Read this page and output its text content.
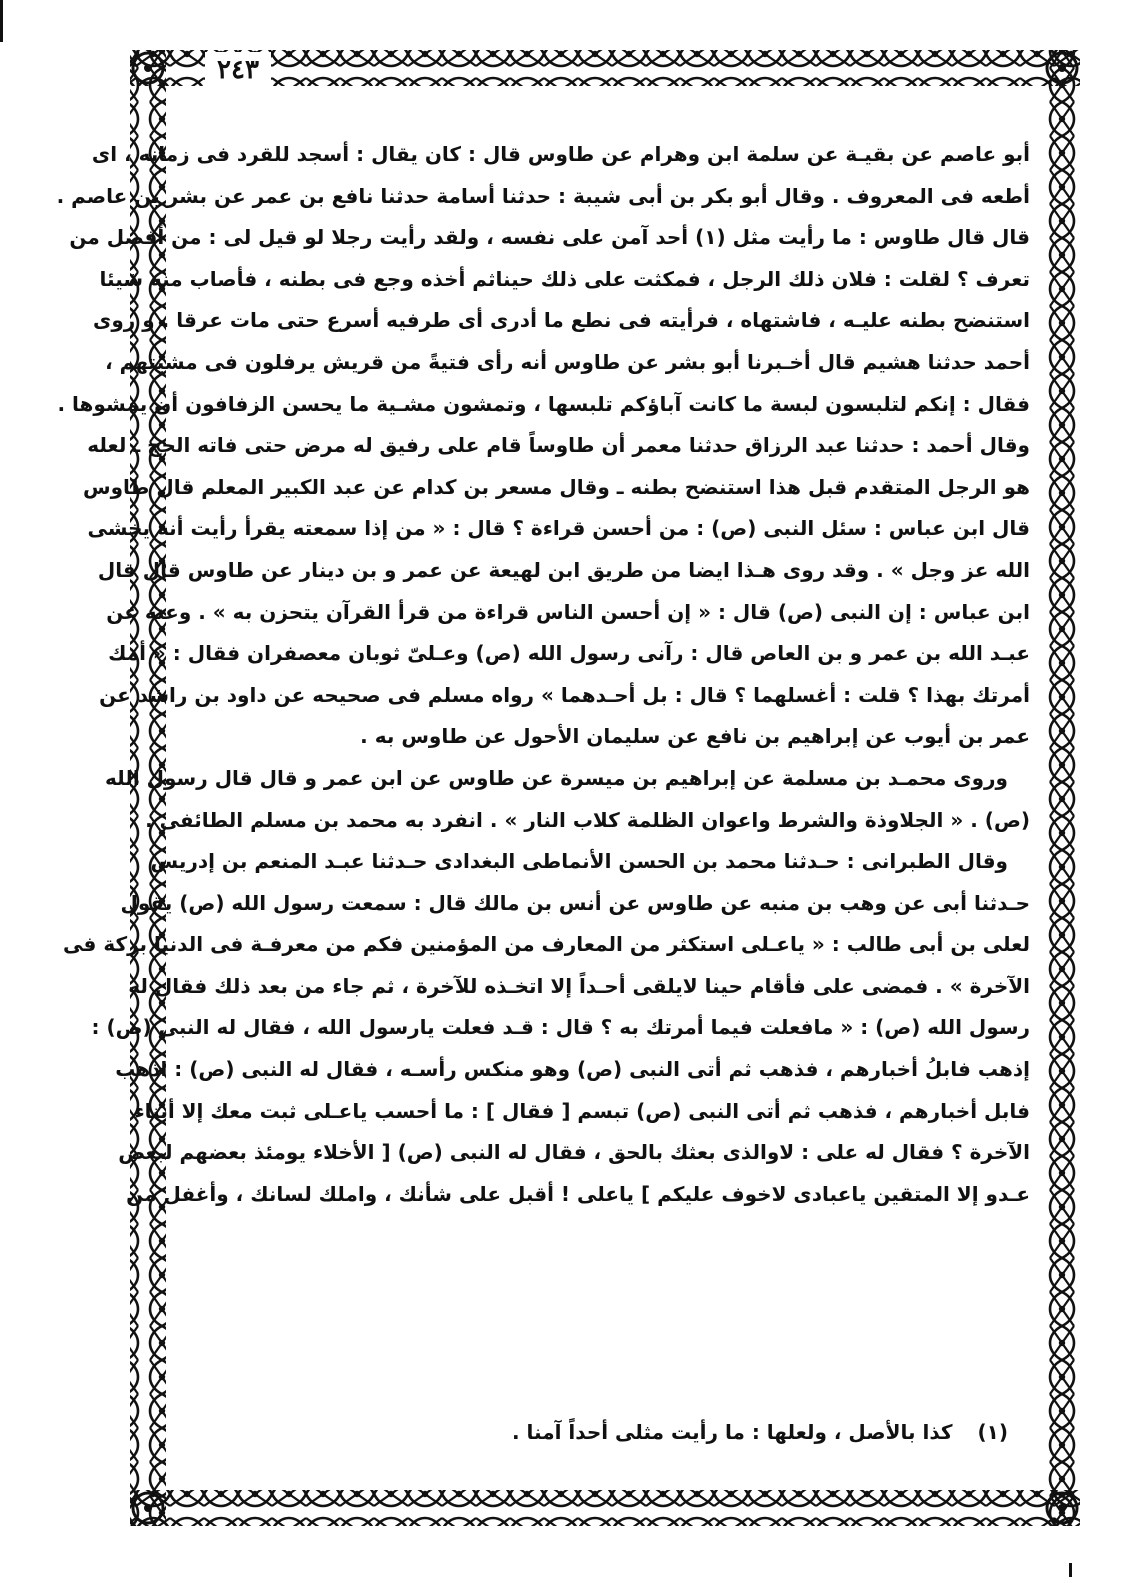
٢٤٣
أبو عاصم عن بقيـة عن سلمة ابن وهرام عن طاوس قال : كان يقال : أسجد للقرد فى زمانه ، اى
أطعه فى المعروف . وقال أبو بكر بن أبى شيبة : حدثنا أسامة حدثنا نافع بن عمر عن بشر بن عاصم .
قال قال طاوس : ما رأيت مثل (١) أحد آمن على نفسه ، ولقد رأيت رجلا لو قيل لى : من أفضل من
تعرف ؟ لقلت : فلان ذلك الرجل ، فمكثت على ذلك حيناثم أخذه وجع فى بطنه ، فأصاب منه شيئا
استنضح بطنه عليـه ، فاشتهاه ، فرأيته فى نطع ما أدرى أى طرفيه أسرع حتى مات عرقا . و روى
أحمد حدثنا هشيم قال أخـبرنا أبو بشر عن طاوس أنه رأى فتيةً من قريش يرفلون فى مشيتهم ،
فقال : إنكم لتلبسون لبسة ما كانت آباؤكم تلبسها ، وتمشون مشـية ما يحسن الزفافون أن يمشوها .
وقال أحمد : حدثنا عبد الرزاق حدثنا معمر أن طاوساً قام على رفيق له مرض حتى فاته الحج ـ لعله
هو الرجل المتقدم قبل هذا استنضح بطنه ـ وقال مسعر بن كدام عن عبد الكبير المعلم قال طاوس
قال ابن عباس : سئل النبى (ص) : من أحسن قراءة ؟ قال : « من إذا سمعته يقرأ رأيت أنه يخشى
الله عز وجل » . وقد روى هـذا ايضا من طريق ابن لهيعة عن عمر و بن دينار عن طاوس قال قال
ابن عباس : إن النبى (ص) قال : « إن أحسن الناس قراءة من قرأ القرآن يتحزن به » . وعنه عن
عبـد الله بن عمر و بن العاص قال : رآنى رسول الله (ص) وعـلىّ ثوبان معصفران فقال : « أمك
أمرتك بهذا ؟ قلت : أغسلهما ؟ قال : بل أحـدهما » رواه مسلم فى صحيحه عن داود بن راشد عن
عمر بن أيوب عن إبراهيم بن نافع عن سليمان الأحول عن طاوس به .
وروى محمـد بن مسلمة عن إبراهيم بن ميسرة عن طاوس عن ابن عمر و قال قال رسول الله
(ص) . « الجلاوذة والشرط واعوان الظلمة كلاب النار » . انفرد به محمد بن مسلم الطائفى .
وقال الطبرانى : حـدثنا محمد بن الحسن الأنماطى البغدادى حـدثنا عبـد المنعم بن إدريس
حـدثنا أبى عن وهب بن منبه عن طاوس عن أنس بن مالك قال : سمعت رسول الله (ص) يقول
لعلى بن أبى طالب : « ياعـلى استكثر من المعارف من المؤمنين فكم من معرفـة فى الدنيا بركة فى
الآخرة » . فمضى على فأقام حينا لايلقى أحـداً إلا اتخـذه للآخرة ، ثم جاء من بعد ذلك فقال له
رسول الله (ص) : « مافعلت فيما أمرتك به ؟ قال : قـد فعلت يارسول الله ، فقال له النبى (ص) :
إذهب فابلُ أخبارهم ، فذهب ثم أتى النبى (ص) وهو منكس رأسـه ، فقال له النبى (ص) : اذهب
فابل أخبارهم ، فذهب ثم أتى النبى (ص) تبسم [ فقال ] : ما أحسب ياعـلى ثبت معك إلا أبناء
الآخرة ؟ فقال له على : لاوالذى بعثك بالحق ، فقال له النبى (ص) [ الأخلاء يومئذ بعضهم لبعض
عـدو إلا المتقين ياعبادى لاخوف عليكم ] ياعلى ! أقبل على شأنك ، واملك لسانك ، وأغفل من
(١) كذا بالأصل ، ولعلها : ما رأيت مثلى أحداً آمنا .
